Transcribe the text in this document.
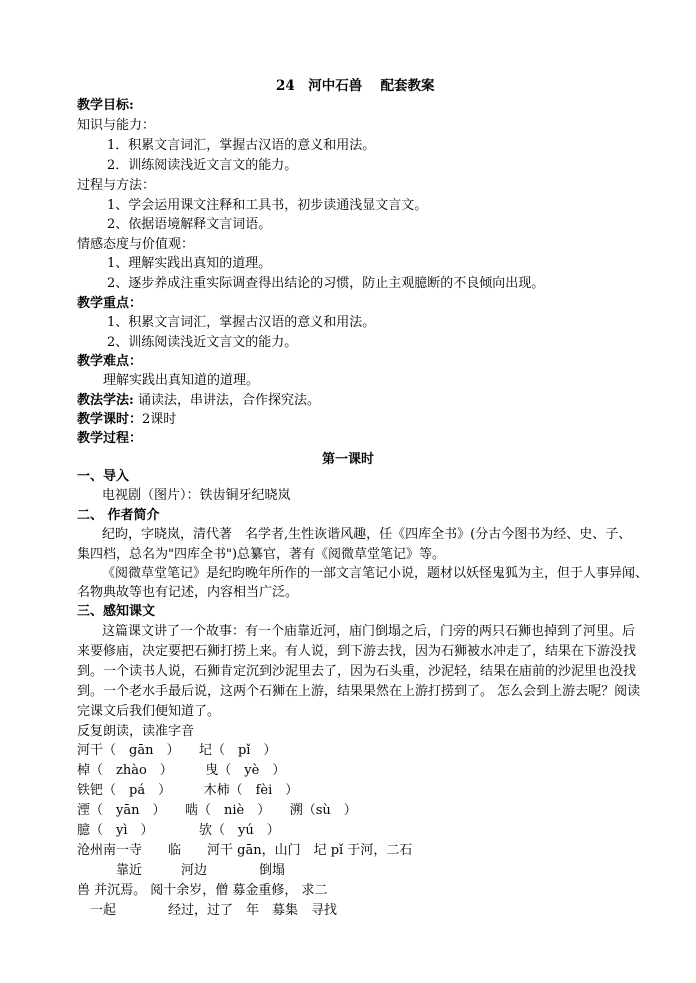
24　河中石兽　 配套教案
教学目标:
知识与能力：
1．积累文言词汇，掌握古汉语的意义和用法。
2．训练阅读浅近文言文的能力。
过程与方法：
1、学会运用课文注释和工具书，初步读通浅显文言文。
2、依据语境解释文言词语。
情感态度与价值观：
1、理解实践出真知的道理。
2、逐步养成注重实际调查得出结论的习惯，防止主观臆断的不良倾向出现。
教学重点：
1、积累文言词汇，掌握古汉语的意义和用法。
2、训练阅读浅近文言文的能力。
教学难点：
理解实践出真知道的道理。
教法学法: 诵读法，串讲法，合作探究法。
教学课时：2课时
教学过程：
第一课时
一、导入
电视剧（图片）：铁齿铜牙纪晓岚
二、 作者简介
纪昀，字晓岚，清代著　名学者,生性诙谐风趣，任《四库全书》(分古今图书为经、史、子、
集四档，总名为"四库全书")总纂官，著有《阅微草堂笔记》等。
《阅微草堂笔记》是纪昀晚年所作的一部文言笔记小说，题材以妖怪鬼狐为主，但于人事异闻、
名物典故等也有记述，内容相当广泛。
三、感知课文
这篇课文讲了一个故事：有一个庙靠近河，庙门倒塌之后，门旁的两只石狮也掉到了河里。后
来要修庙，决定要把石狮打捞上来。有人说，到下游去找，因为石狮被水冲走了，结果在下游没找
到。一个读书人说，石狮肯定沉到沙泥里去了，因为石头重，沙泥轻，结果在庙前的沙泥里也没找
到。一个老水手最后说，这两个石狮在上游，结果果然在上游打捞到了。 怎么会到上游去呢？阅读
完课文后我们便知道了。
反复朗读，读准字音
河干（　gān　）　　圮（　pǐ　）
棹（　zhào　）　　　曳（　yè　）
铁钯（　pá　）　　　木柿（　fèi　）
湮（　yān　）　　啮（　niè　）　　溯（sù　）
臆（　yì　）　　　　欤（　yú　）
沧州南一寺　　临　　河干 gān，山门　圮 pǐ 于河，二石
　　　靠近　　　河边　　　　倒塌
兽 并沉焉。 阅十余岁，僧 募金重修， 求二
　一起　　　　经过，过了　年　募集　寻找
